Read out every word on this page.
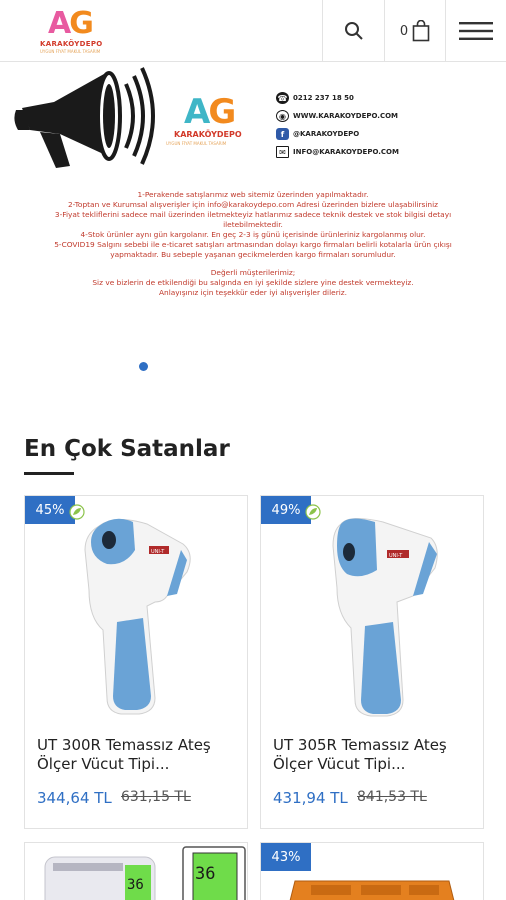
AG
KARAKÖYDEPO
UYGUN FİYAT MAKUL TASARIM
0
AG
KARAKÖYDEPO
UYGUN FİYAT MAKUL TASARIM
☎ 0212 237 18 50
◉	WWW.KARAKOYDEPO.COM
f	@KARAKOYDEPO
✉	INFO@KARAKOYDEPO.COM

1-Perakende satışlarımız web sitemiz üzerinden yapılmaktadır.

2-Toptan ve Kurumsal alışverişler için info@karakoydepo.com Adresi üzerinden bizlere ulaşabilirsiniz

3-Fiyat tekliflerini sadece mail üzerinden iletmekteyiz hatlarımız sadece teknik destek ve stok bilgisi detayı iletebilmektedir.

4-Stok ürünler aynı gün kargolanır. En geç 2-3 iş günü içerisinde ürünleriniz kargolanmış olur.

5-COVID19 Salgını sebebi ile e-ticaret satışları artmasından dolayı kargo firmaları belirli kotalarla ürün çıkışı yapmaktadır. Bu sebeple yaşanan gecikmelerden kargo firmaları sorumludur.

Değerli müşterilerimiz;

Siz ve bizlerin de etkilendiği bu salgında en iyi şekilde sizlere yine destek vermekteyiz.

Anlayışınız için teşekkür eder iyi alışverişler dileriz.

En Çok Satanlar
45%
UNI-T
UT 300R Temassız Ateş Ölçer Vücut Tipi...
344,64 TL 631,15 TL
49%
UNI-T
UT 305R Temassız Ateş Ölçer Vücut Tipi...
431,94 TL 841,53 TL
36
36
43%
